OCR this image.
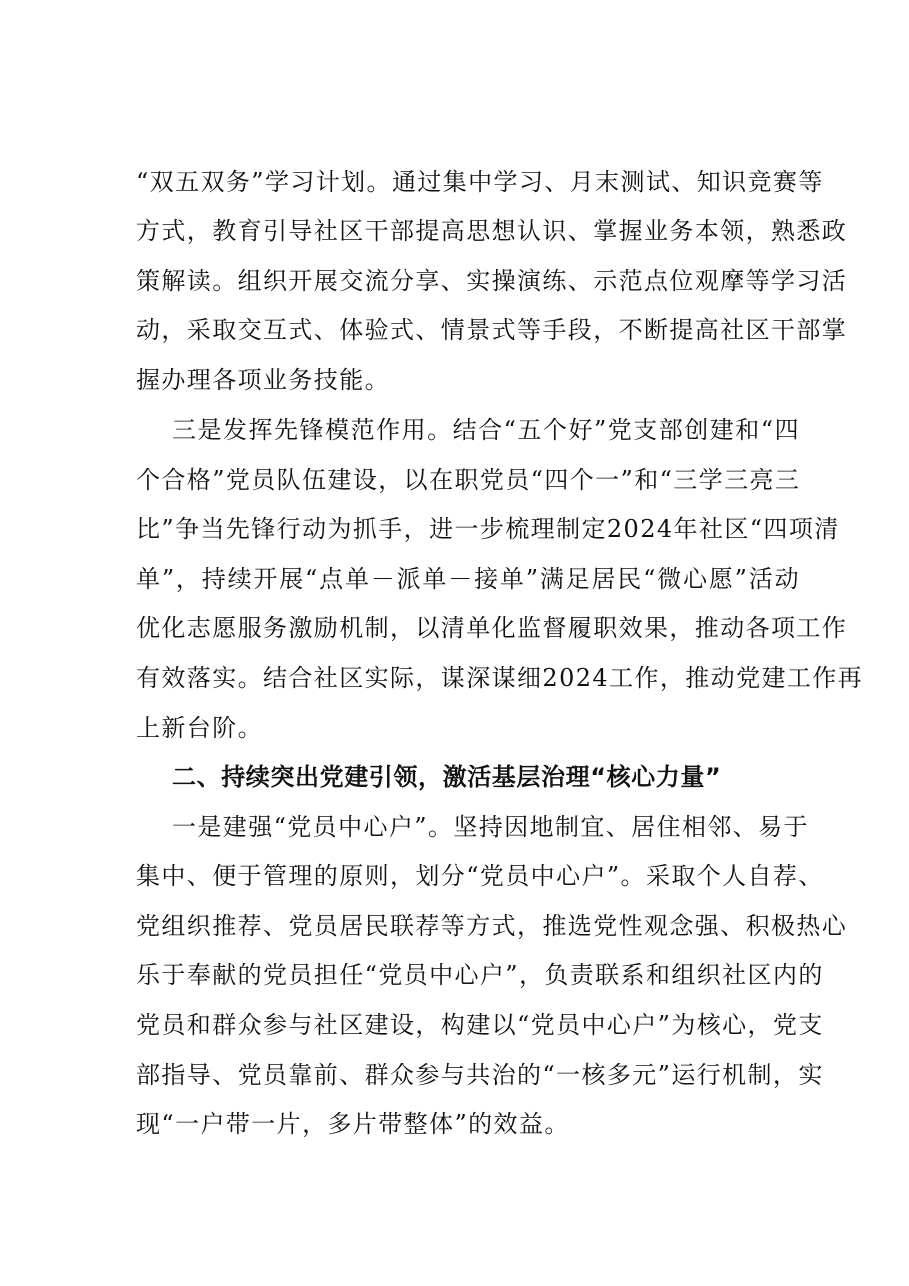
“双五双务”学习计划。通过集中学习、月末测试、知识竞赛等
方式，教育引导社区干部提高思想认识、掌握业务本领，熟悉政
策解读。组织开展交流分享、实操演练、示范点位观摩等学习活
动，采取交互式、体验式、情景式等手段，不断提高社区干部掌
握办理各项业务技能。
三是发挥先锋模范作用。结合“五个好”党支部创建和“四
个合格”党员队伍建设，以在职党员“四个一”和“三学三亮三
比”争当先锋行动为抓手，进一步梳理制定2024年社区“四项清
单”，持续开展“点单－派单－接单”满足居民“微心愿”活动
优化志愿服务激励机制，以清单化监督履职效果，推动各项工作
有效落实。结合社区实际，谋深谋细2024工作，推动党建工作再
上新台阶。
二、持续突出党建引领，激活基层治理“核心力量”
一是建强“党员中心户”。坚持因地制宜、居住相邻、易于
集中、便于管理的原则，划分“党员中心户”。采取个人自荐、
党组织推荐、党员居民联荐等方式，推选党性观念强、积极热心
乐于奉献的党员担任“党员中心户”，负责联系和组织社区内的
党员和群众参与社区建设，构建以“党员中心户”为核心，党支
部指导、党员靠前、群众参与共治的“一核多元”运行机制，实
现“一户带一片，多片带整体”的效益。
